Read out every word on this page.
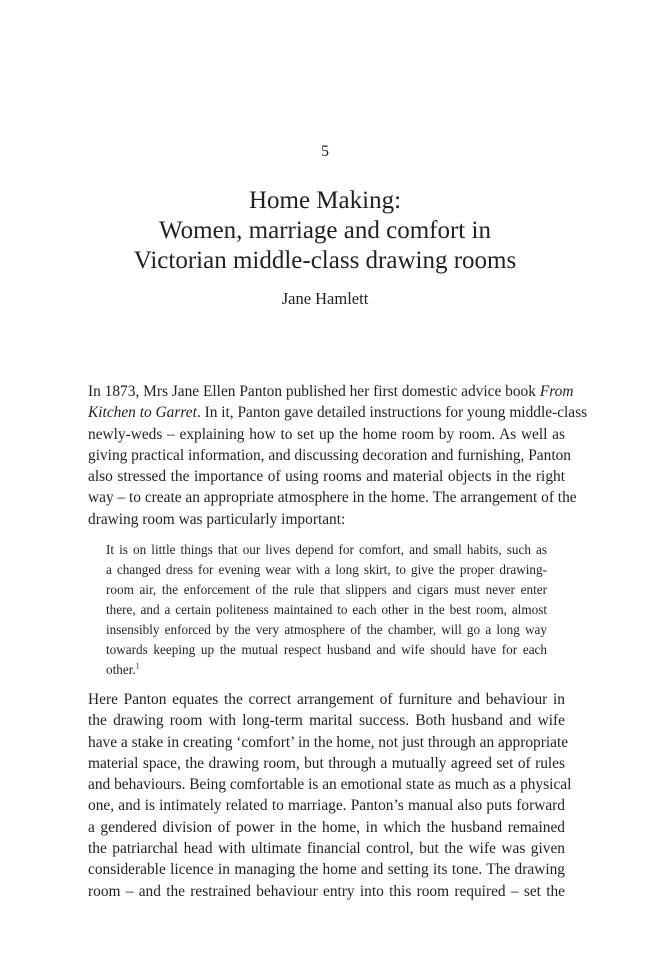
5
Home Making:
Women, marriage and comfort in
Victorian middle-class drawing rooms
Jane Hamlett

In 1873, Mrs Jane Ellen Panton published her first domestic advice book From
Kitchen to Garret. In it, Panton gave detailed instructions for young middle-class
newly-weds – explaining how to set up the home room by room. As well as
giving practical information, and discussing decoration and furnishing, Panton
also stressed the importance of using rooms and material objects in the right
way – to create an appropriate atmosphere in the home. The arrangement of the
drawing room was particularly important:

It is on little things that our lives depend for comfort, and small habits, such as
a changed dress for evening wear with a long skirt, to give the proper drawing-
room air, the enforcement of the rule that slippers and cigars must never enter
there, and a certain politeness maintained to each other in the best room, almost
insensibly enforced by the very atmosphere of the chamber, will go a long way
towards keeping up the mutual respect husband and wife should have for each
other.$^1$

Here Panton equates the correct arrangement of furniture and behaviour in
the drawing room with long-term marital success. Both husband and wife
have a stake in creating ‘comfort’ in the home, not just through an appropriate
material space, the drawing room, but through a mutually agreed set of rules
and behaviours. Being comfortable is an emotional state as much as a physical
one, and is intimately related to marriage. Panton’s manual also puts forward
a gendered division of power in the home, in which the husband remained
the patriarchal head with ultimate financial control, but the wife was given
considerable licence in managing the home and setting its tone. The drawing
room – and the restrained behaviour entry into this room required – set the
